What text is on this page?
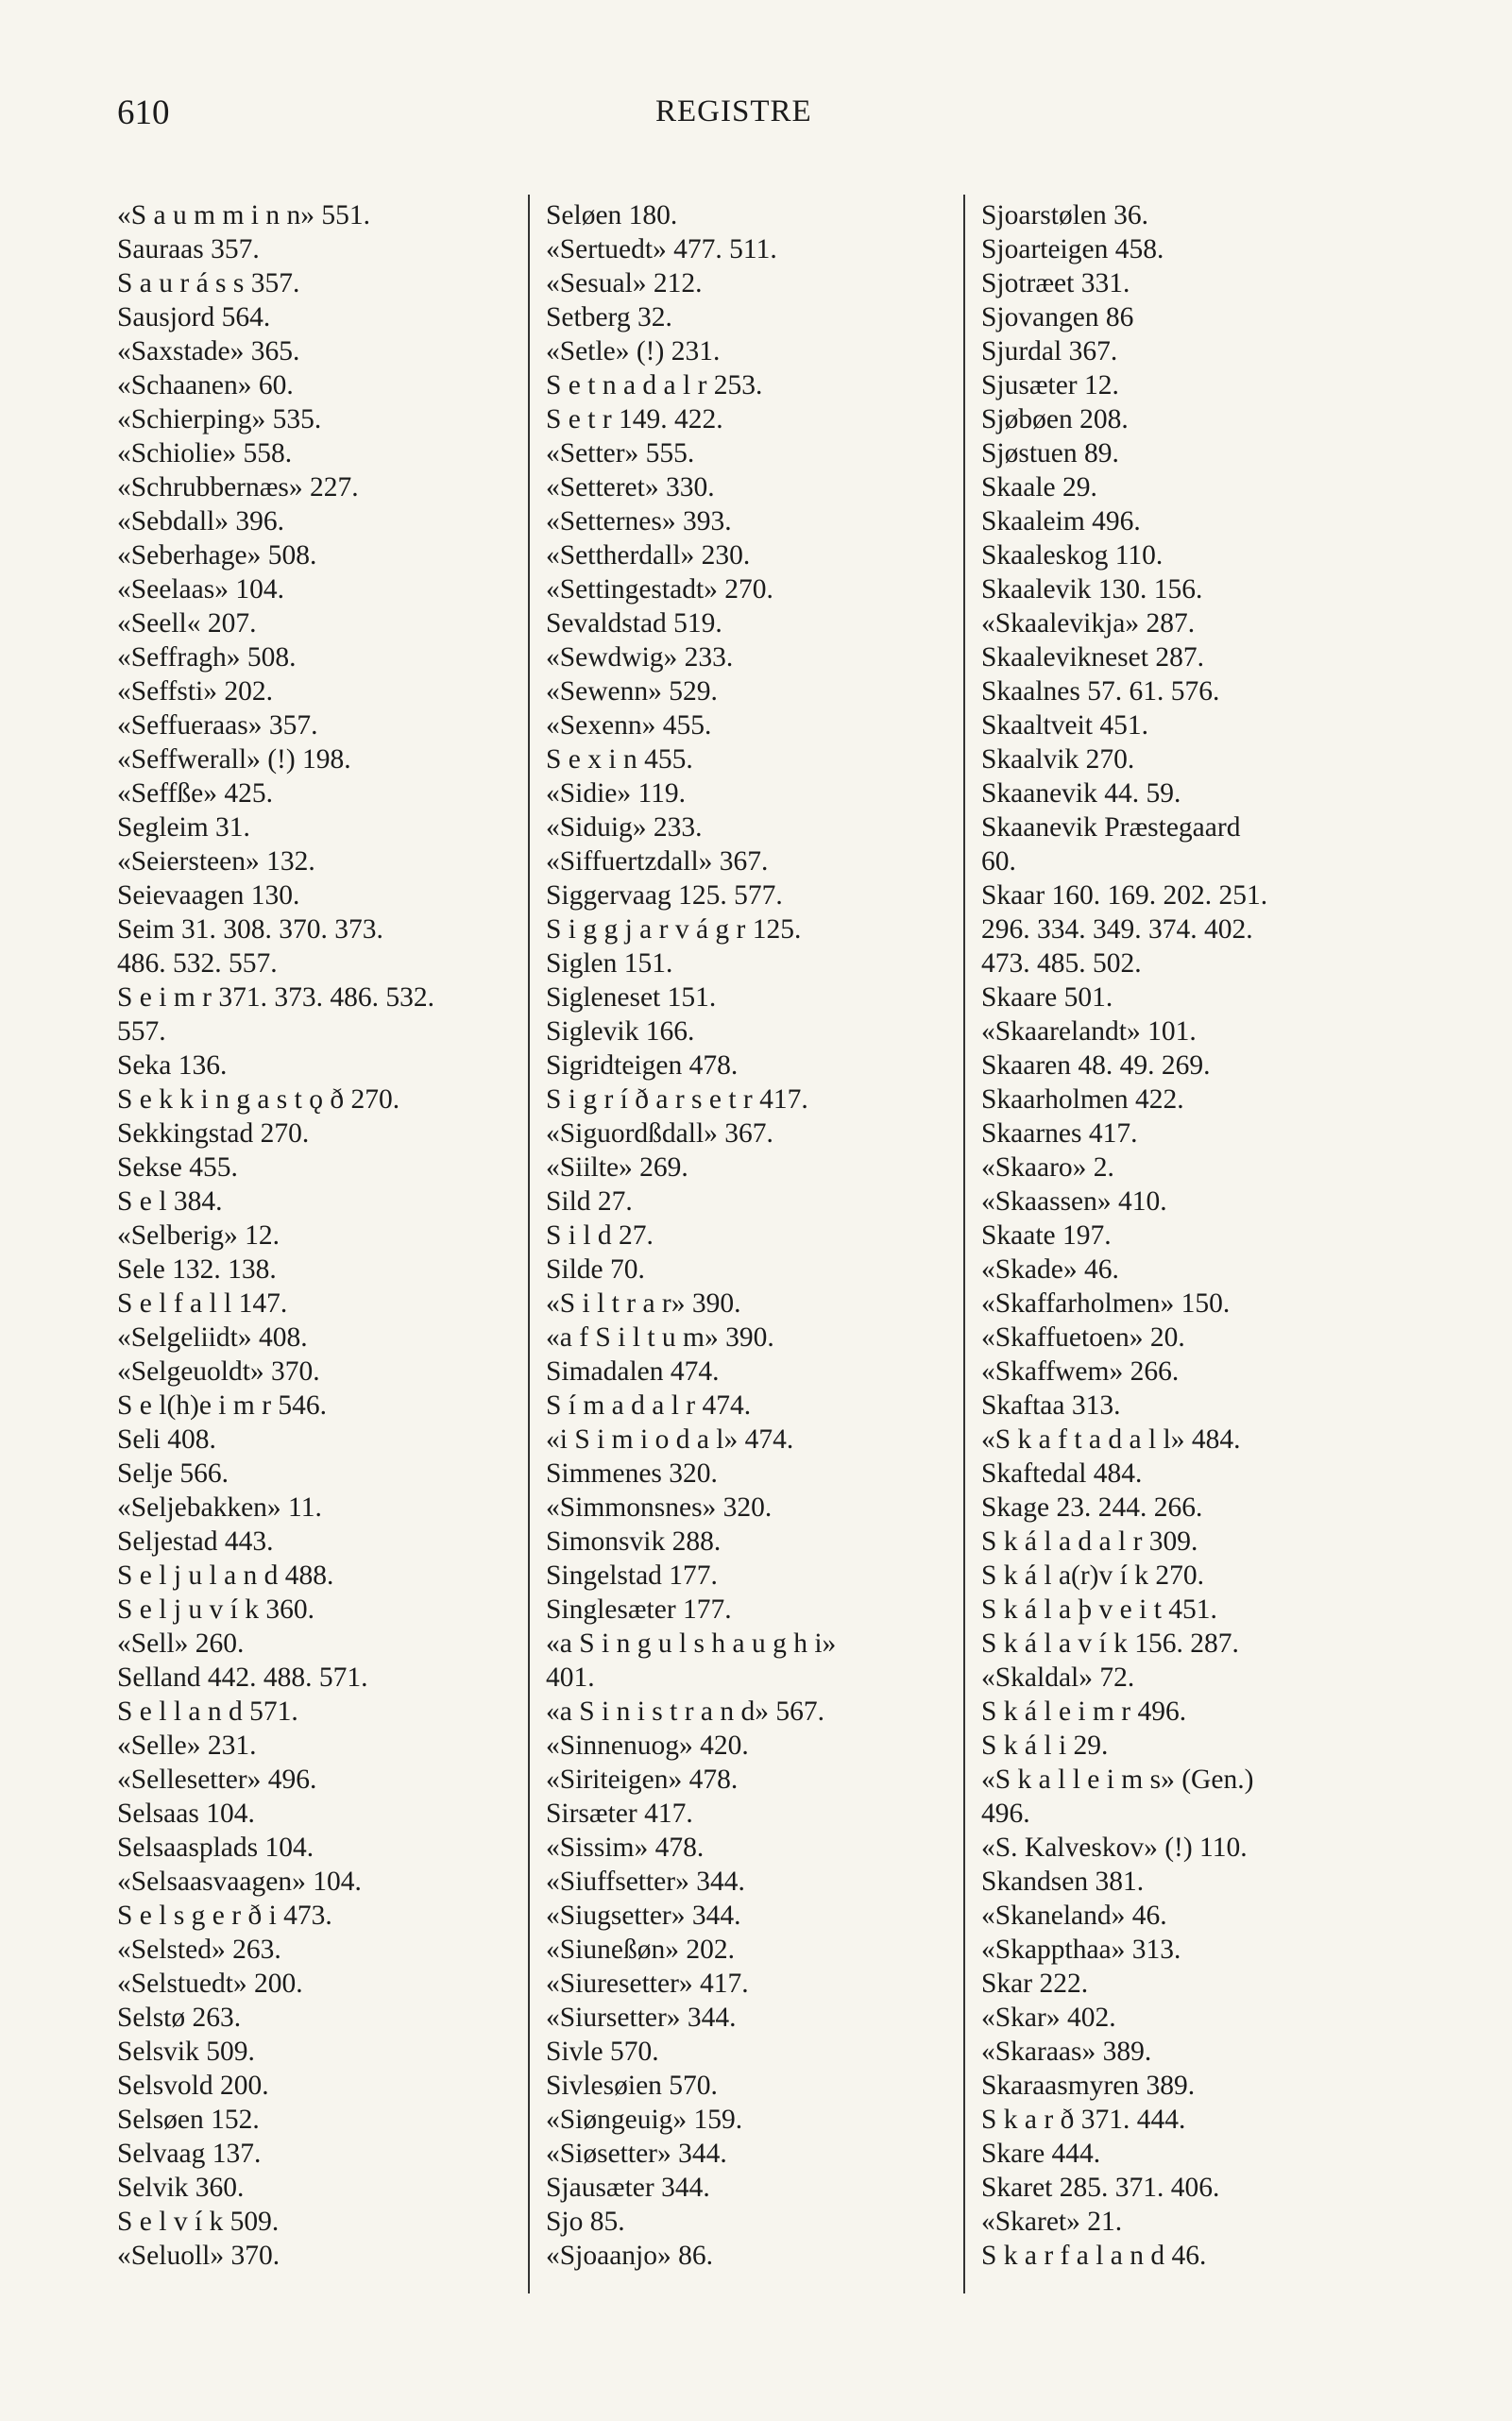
610	REGISTRE
«S a u m m i n n» 551.
Sauraas 357.
S a u r á s s 357.
Sausjord 564.
«Saxstade» 365.
«Schaanen» 60.
«Schierping» 535.
«Schiolie» 558.
«Schrubbernæs» 227.
«Sebdall» 396.
«Seberhage» 508.
«Seelaas» 104.
«Seell« 207.
«Seffragh» 508.
«Seffsti» 202.
«Seffueraas» 357.
«Seffwerall» (!) 198.
«Seffße» 425.
Segleim 31.
«Seiersteen» 132.
Seievaagen 130.
Seim 31. 308. 370. 373.
486. 532. 557.
S e i m r 371. 373. 486. 532.
557.
Seka 136.
S e k k i n g a s t ǫ ð 270.
Sekkingstad 270.
Sekse 455.
S e l 384.
«Selberig» 12.
Sele 132. 138.
S e l f a l l 147.
«Selgeliidt» 408.
«Selgeuoldt» 370.
S e l(h)e i m r 546.
Seli 408.
Selje 566.
«Seljebakken» 11.
Seljestad 443.
S e l j u l a n d 488.
S e l j u v í k 360.
«Sell» 260.
Selland 442. 488. 571.
S e l l a n d 571.
«Selle» 231.
«Sellesetter» 496.
Selsaas 104.
Selsaasplads 104.
«Selsaasvaagen» 104.
S e l s g e r ð i 473.
«Selsted» 263.
«Selstuedt» 200.
Selstø 263.
Selsvik 509.
Selsvold 200.
Selsøen 152.
Selvaag 137.
Selvik 360.
S e l v í k 509.
«Seluoll» 370.
Seløen 180.
«Sertuedt» 477. 511.
«Sesual» 212.
Setberg 32.
«Setle» (!) 231.
S e t n a d a l r 253.
S e t r 149. 422.
«Setter» 555.
«Setteret» 330.
«Setternes» 393.
«Settherdall» 230.
«Settingestadt» 270.
Sevaldstad 519.
«Sewdwig» 233.
«Sewenn» 529.
«Sexenn» 455.
S e x i n 455.
«Sidie» 119.
«Siduig» 233.
«Siffuertzdall» 367.
Siggervaag 125. 577.
S i g g j a r v á g r 125.
Siglen 151.
Sigleneset 151.
Siglevik 166.
Sigridteigen 478.
S i g r í ð a r s e t r 417.
«Siguordßdall» 367.
«Siilte» 269.
Sild 27.
S i l d 27.
Silde 70.
«S i l t r a r» 390.
«a f S i l t u m» 390.
Simadalen 474.
S í m a d a l r 474.
«i S i m i o d a l» 474.
Simmenes 320.
«Simmonsnes» 320.
Simonsvik 288.
Singelstad 177.
Singlesæter 177.
«a S i n g u l s h a u g h i»
401.
«a S i n i s t r a n d» 567.
«Sinnenuog» 420.
«Siriteigen» 478.
Sirsæter 417.
«Sissim» 478.
«Siuffsetter» 344.
«Siugsetter» 344.
«Siuneßøn» 202.
«Siuresetter» 417.
«Siursetter» 344.
Sivle 570.
Sivlesøien 570.
«Siøngeuig» 159.
«Siøsetter» 344.
Sjausæter 344.
Sjo 85.
«Sjoaanjo» 86.
Sjoarstølen 36.
Sjoarteigen 458.
Sjotræet 331.
Sjovangen 86
Sjurdal 367.
Sjusæter 12.
Sjøbøen 208.
Sjøstuen 89.
Skaale 29.
Skaaleim 496.
Skaaleskog 110.
Skaalevik 130. 156.
«Skaalevikja» 287.
Skaalevikneset 287.
Skaalnes 57. 61. 576.
Skaaltveit 451.
Skaalvik 270.
Skaanevik 44. 59.
Skaanevik Præstegaard
60.
Skaar 160. 169. 202. 251.
296. 334. 349. 374. 402.
473. 485. 502.
Skaare 501.
«Skaarelandt» 101.
Skaaren 48. 49. 269.
Skaarholmen 422.
Skaarnes 417.
«Skaaro» 2.
«Skaassen» 410.
Skaate 197.
«Skade» 46.
«Skaffarholmen» 150.
«Skaffuetoen» 20.
«Skaffwem» 266.
Skaftaa 313.
«S k a f t a d a l l» 484.
Skaftedal 484.
Skage 23. 244. 266.
S k á l a d a l r 309.
S k á l a(r)v í k 270.
S k á l a þ v e i t 451.
S k á l a v í k 156. 287.
«Skaldal» 72.
S k á l e i m r 496.
S k á l i 29.
«S k a l l e i m s» (Gen.)
496.
«S. Kalveskov» (!) 110.
Skandsen 381.
«Skaneland» 46.
«Skappthaa» 313.
Skar 222.
«Skar» 402.
«Skaraas» 389.
Skaraasmyren 389.
S k a r ð 371. 444.
Skare 444.
Skaret 285. 371. 406.
«Skaret» 21.
S k a r f a l a n d 46.
